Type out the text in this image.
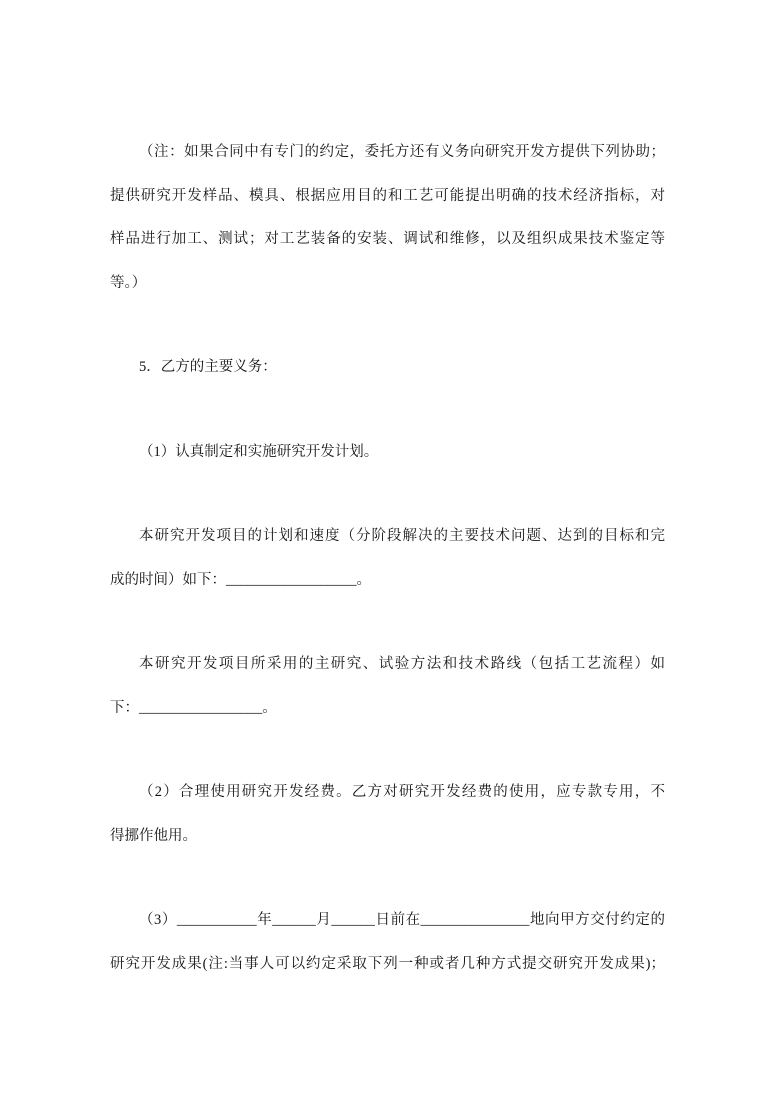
（注：如果合同中有专门的约定，委托方还有义务向研究开发方提供下列协助；
提供研究开发样品、模具、根据应用目的和工艺可能提出明确的技术经济指标，对
样品进行加工、测试；对工艺装备的安装、调试和维修，以及组织成果技术鉴定等
等。）
5．乙方的主要义务：
（1）认真制定和实施研究开发计划。
本研究开发项目的计划和速度（分阶段解决的主要技术问题、达到的目标和完
成的时间）如下：__________________。
本研究开发项目所采用的主研究、试验方法和技术路线（包括工艺流程）如
下：_________________。
（2）合理使用研究开发经费。乙方对研究开发经费的使用，应专款专用，不
得挪作他用。
（3）___________年______月______日前在_______________地向甲方交付约定的
研究开发成果(注:当事人可以约定采取下列一种或者几种方式提交研究开发成果)；
